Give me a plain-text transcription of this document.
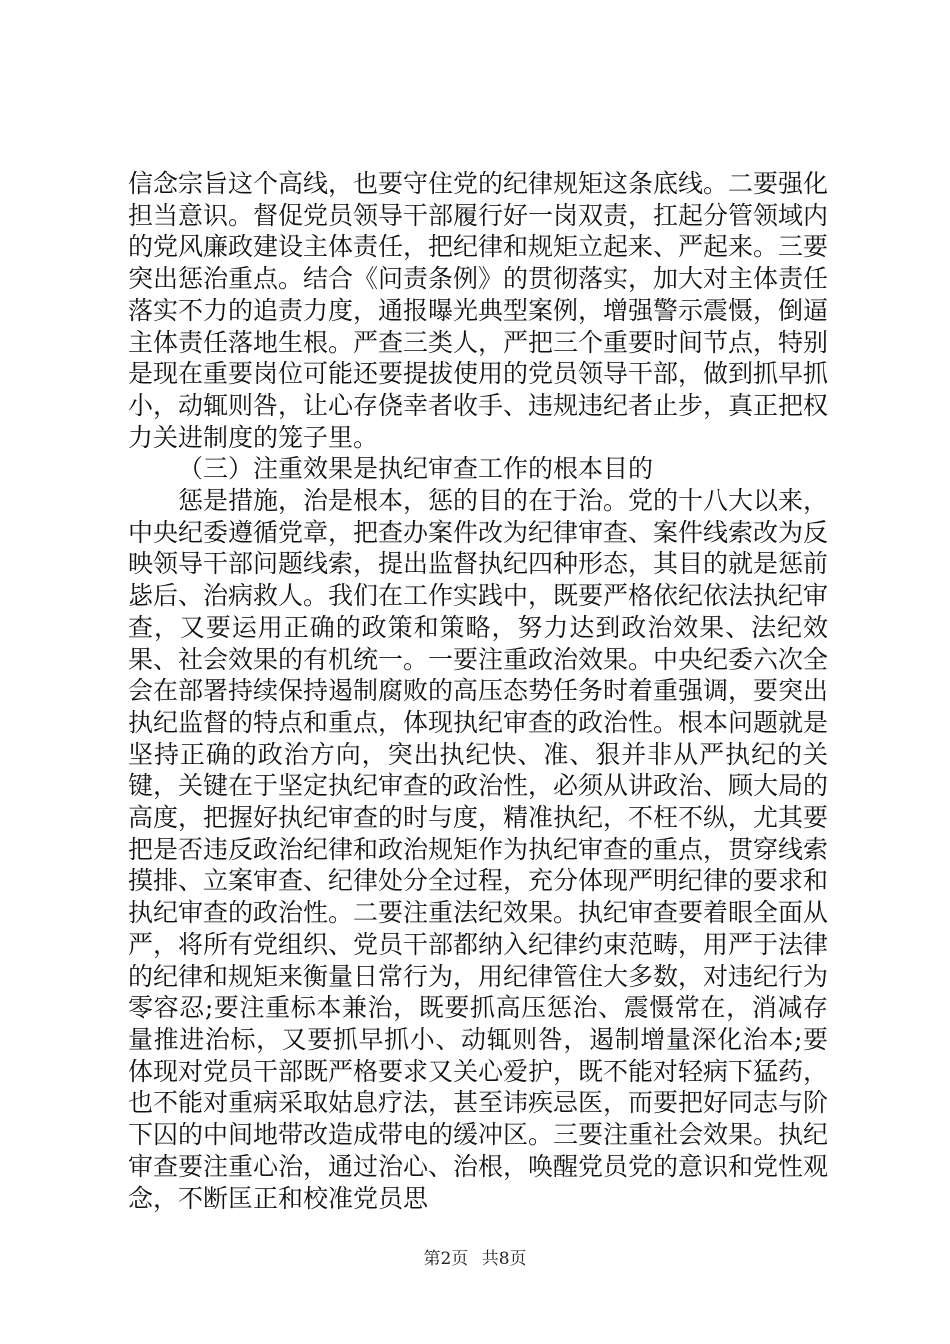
信念宗旨这个高线，也要守住党的纪律规矩这条底线。二要强化担当意识。督促党员领导干部履行好一岗双责，扛起分管领域内的党风廉政建设主体责任，把纪律和规矩立起来、严起来。三要突出惩治重点。结合《问责条例》的贯彻落实，加大对主体责任落实不力的追责力度，通报曝光典型案例，增强警示震慑，倒逼主体责任落地生根。严查三类人，严把三个重要时间节点，特别是现在重要岗位可能还要提拔使用的党员领导干部，做到抓早抓小，动辄则咎，让心存侥幸者收手、违规违纪者止步，真正把权力关进制度的笼子里。

（三）注重效果是执纪审查工作的根本目的

惩是措施，治是根本，惩的目的在于治。党的十八大以来，中央纪委遵循党章，把查办案件改为纪律审查、案件线索改为反映领导干部问题线索，提出监督执纪四种形态，其目的就是惩前毖后、治病救人。我们在工作实践中，既要严格依纪依法执纪审查，又要运用正确的政策和策略，努力达到政治效果、法纪效果、社会效果的有机统一。一要注重政治效果。中央纪委六次全会在部署持续保持遏制腐败的高压态势任务时着重强调，要突出执纪监督的特点和重点，体现执纪审查的政治性。根本问题就是坚持正确的政治方向，突出执纪快、准、狠并非从严执纪的关键，关键在于坚定执纪审查的政治性，必须从讲政治、顾大局的高度，把握好执纪审查的时与度，精准执纪，不枉不纵，尤其要把是否违反政治纪律和政治规矩作为执纪审查的重点，贯穿线索摸排、立案审查、纪律处分全过程，充分体现严明纪律的要求和执纪审查的政治性。二要注重法纪效果。执纪审查要着眼全面从严，将所有党组织、党员干部都纳入纪律约束范畴，用严于法律的纪律和规矩来衡量日常行为，用纪律管住大多数，对违纪行为零容忍;要注重标本兼治，既要抓高压惩治、震慑常在，消减存量推进治标，又要抓早抓小、动辄则咎，遏制增量深化治本;要体现对党员干部既严格要求又关心爱护，既不能对轻病下猛药，也不能对重病采取姑息疗法，甚至讳疾忌医，而要把好同志与阶下囚的中间地带改造成带电的缓冲区。三要注重社会效果。执纪审查要注重心治，通过治心、治根，唤醒党员党的意识和党性观念，不断匡正和校准党员思

第2页 共8页
